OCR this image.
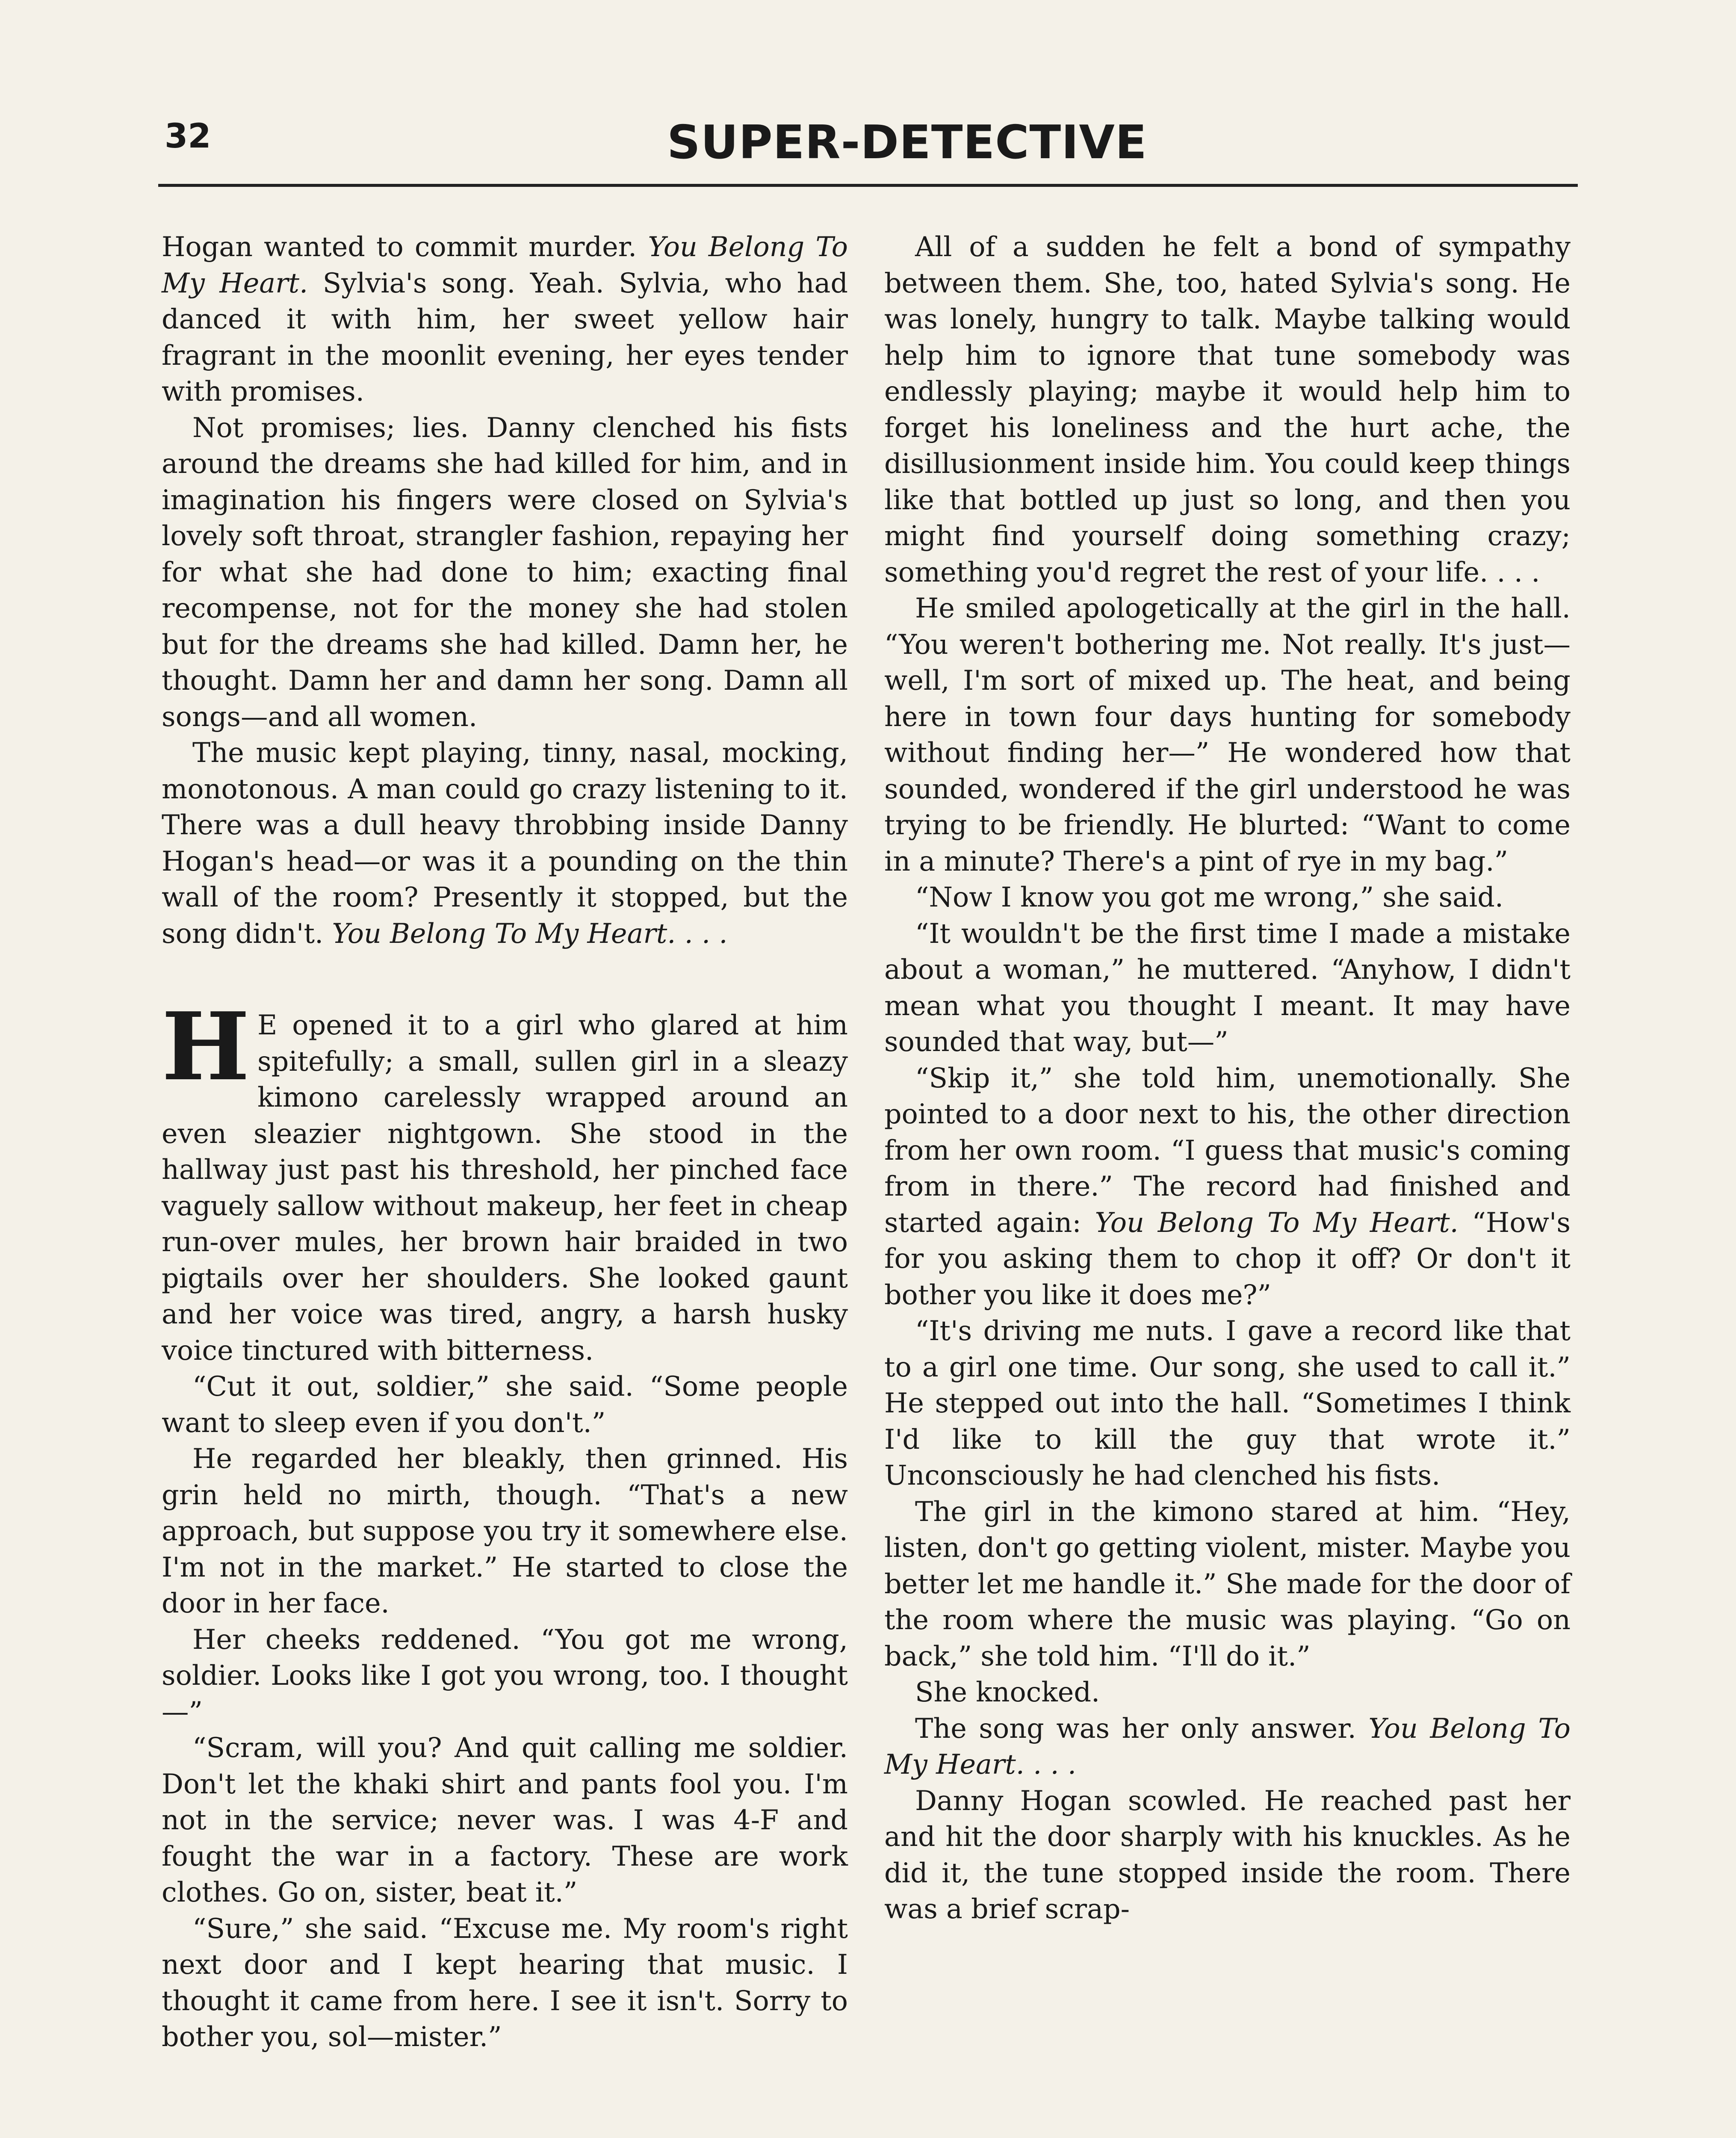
32	SUPER-DETECTIVE

Hogan wanted to commit murder. You Belong To My Heart. Sylvia's song. Yeah. Sylvia, who had danced it with him, her sweet yellow hair fragrant in the moonlit evening, her eyes tender with promises.

Not promises; lies. Danny clenched his fists around the dreams she had killed for him, and in imagination his fingers were closed on Sylvia's lovely soft throat, strangler fashion, repaying her for what she had done to him; exacting final recompense, not for the money she had stolen but for the dreams she had killed. Damn her, he thought. Damn her and damn her song. Damn all songs—and all women.

The music kept playing, tinny, nasal, mocking, monotonous. A man could go crazy listening to it. There was a dull heavy throbbing inside Danny Hogan's head—or was it a pounding on the thin wall of the room? Presently it stopped, but the song didn't. You Belong To My Heart. . . .

H E opened it to a girl who glared at him spitefully; a small, sullen girl in a sleazy kimono carelessly wrapped around an even sleazier nightgown. She stood in the hallway just past his threshold, her pinched face vaguely sallow without makeup, her feet in cheap run-over mules, her brown hair braided in two pigtails over her shoulders. She looked gaunt and her voice was tired, angry, a harsh husky voice tinctured with bitterness.

“Cut it out, soldier,” she said. “Some people want to sleep even if you don't.”

He regarded her bleakly, then grinned. His grin held no mirth, though. “That's a new approach, but suppose you try it somewhere else. I'm not in the market.” He started to close the door in her face.

Her cheeks reddened. “You got me wrong, soldier. Looks like I got you wrong, too. I thought—”

“Scram, will you? And quit calling me soldier. Don't let the khaki shirt and pants fool you. I'm not in the service; never was. I was 4-F and fought the war in a factory. These are work clothes. Go on, sister, beat it.”

“Sure,” she said. “Excuse me. My room's right next door and I kept hearing that music. I thought it came from here. I see it isn't. Sorry to bother you, sol—mister.”

All of a sudden he felt a bond of sympathy between them. She, too, hated Sylvia's song. He was lonely, hungry to talk. Maybe talking would help him to ignore that tune somebody was endlessly playing; maybe it would help him to forget his loneliness and the hurt ache, the disillusionment inside him. You could keep things like that bottled up just so long, and then you might find yourself doing something crazy; something you'd regret the rest of your life. . . .

He smiled apologetically at the girl in the hall. “You weren't bothering me. Not really. It's just—well, I'm sort of mixed up. The heat, and being here in town four days hunting for somebody without finding her—” He wondered how that sounded, wondered if the girl understood he was trying to be friendly. He blurted: “Want to come in a minute? There's a pint of rye in my bag.”

“Now I know you got me wrong,” she said.

“It wouldn't be the first time I made a mistake about a woman,” he muttered. “Anyhow, I didn't mean what you thought I meant. It may have sounded that way, but—”

“Skip it,” she told him, unemotionally. She pointed to a door next to his, the other direction from her own room. “I guess that music's coming from in there.” The record had finished and started again: You Belong To My Heart. “How's for you asking them to chop it off? Or don't it bother you like it does me?”

“It's driving me nuts. I gave a record like that to a girl one time. Our song, she used to call it.” He stepped out into the hall. “Sometimes I think I'd like to kill the guy that wrote it.” Unconsciously he had clenched his fists.

The girl in the kimono stared at him. “Hey, listen, don't go getting violent, mister. Maybe you better let me handle it.” She made for the door of the room where the music was playing. “Go on back,” she told him. “I'll do it.”

She knocked.

The song was her only answer. You Belong To My Heart. . . .

Danny Hogan scowled. He reached past her and hit the door sharply with his knuckles. As he did it, the tune stopped inside the room. There was a brief scrap-
